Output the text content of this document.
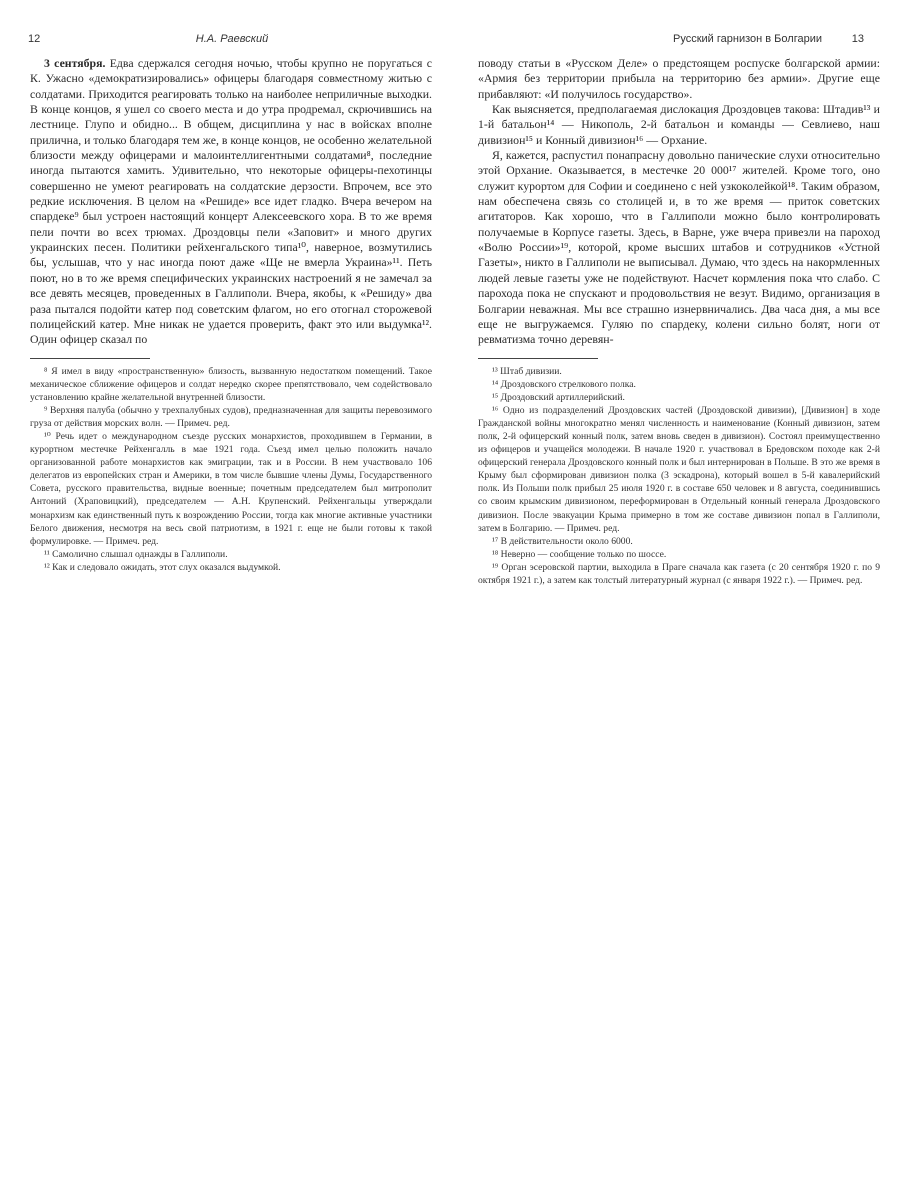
12	Н.А. Раевский

3 сентября. Едва сдержался сегодня ночью, чтобы крупно не поругаться с К. Ужасно «демократизировались» офицеры благодаря совместному житью с солдатами. Приходится реагировать только на наиболее неприличные выходки. В конце концов, я ушел со своего места и до утра продремал, скрючившись на лестнице. Глупо и обидно... В общем, дисциплина у нас в войсках вполне прилична, и только благодаря тем же, в конце концов, не особенно желательной близости между офицерами и малоинтеллигентными солдатами⁸, последние иногда пытаются хамить. Удивительно, что некоторые офицеры-пехотинцы совершенно не умеют реагировать на солдатские дерзости. Впрочем, все это редкие исключения. В целом на «Решиде» все идет гладко. Вчера вечером на спардеке⁹ был устроен настоящий концерт Алексеевского хора. В то же время пели почти во всех трюмах. Дроздовцы пели «Заповит» и много других украинских песен. Политики рейхенгальского типа¹⁰, наверное, возмутились бы, услышав, что у нас иногда поют даже «Ще не вмерла Украина»¹¹. Петь поют, но в то же время специфических украинских настроений я не замечал за все девять месяцев, проведенных в Галлиполи. Вчера, якобы, к «Решиду» два раза пытался подойти катер под советским флагом, но его отогнал сторожевой полицейский катер. Мне никак не удается проверить, факт это или выдумка¹². Один офицер сказал по

⁸ Я имел в виду «пространственную» близость, вызванную недостатком помещений. Такое механическое сближение офицеров и солдат нередко скорее препятствовало, чем содействовало установлению крайне желательной внутренней близости.

⁹ Верхняя палуба (обычно у трехпалубных судов), предназначенная для защиты перевозимого груза от действия морских волн. — Примеч. ред.

¹⁰ Речь идет о международном съезде русских монархистов, проходившем в Германии, в курортном местечке Рейхенгалль в мае 1921 года. Съезд имел целью положить начало организованной работе монархистов как эмиграции, так и в России. В нем участвовало 106 делегатов из европейских стран и Америки, в том числе бывшие члены Думы, Государственного Совета, русского правительства, видные военные; почетным председателем был митрополит Антоний (Храповицкий), председателем — А.Н. Крупенский. Рейхенгальцы утверждали монархизм как единственный путь к возрождению России, тогда как многие активные участники Белого движения, несмотря на весь свой патриотизм, в 1921 г. еще не были готовы к такой формулировке. — Примеч. ред.

¹¹ Самолично слышал однажды в Галлиполи.

¹² Как и следовало ожидать, этот слух оказался выдумкой.

Русский гарнизон в Болгарии	13

поводу статьи в «Русском Деле» о предстоящем роспуске болгарской армии: «Армия без территории прибыла на территорию без армии». Другие еще прибавляют: «И получилось государство».

Как выясняется, предполагаемая дислокация Дроздовцев такова: Штадив¹³ и 1-й батальон¹⁴ — Никополь, 2-й батальон и команды — Севлиево, наш дивизион¹⁵ и Конный дивизион¹⁶ — Орхание.

Я, кажется, распустил понапрасну довольно панические слухи относительно этой Орхание. Оказывается, в местечке 20 000¹⁷ жителей. Кроме того, оно служит курортом для Софии и соединено с ней узкоколейкой¹⁸. Таким образом, нам обеспечена связь со столицей и, в то же время — приток советских агитаторов. Как хорошо, что в Галлиполи можно было контролировать получаемые в Корпусе газеты. Здесь, в Варне, уже вчера привезли на пароход «Волю России»¹⁹, которой, кроме высших штабов и сотрудников «Устной Газеты», никто в Галлиполи не выписывал. Думаю, что здесь на накормленных людей левые газеты уже не подействуют. Насчет кормления пока что слабо. С парохода пока не спускают и продовольствия не везут. Видимо, организация в Болгарии неважная. Мы все страшно изнервничались. Два часа дня, а мы все еще не выгружаемся. Гуляю по спардеку, колени сильно болят, ноги от ревматизма точно деревян-

¹³ Штаб дивизии.

¹⁴ Дроздовского стрелкового полка.

¹⁵ Дроздовский артиллерийский.

¹⁶ Одно из подразделений Дроздовских частей (Дроздовской дивизии), [Дивизион] в ходе Гражданской войны многократно менял численность и наименование (Конный дивизион, затем полк, 2-й офицерский конный полк, затем вновь сведен в дивизион). Состоял преимущественно из офицеров и учащейся молодежи. В начале 1920 г. участвовал в Бредовском походе как 2-й офицерский генерала Дроздовского конный полк и был интернирован в Польше. В это же время в Крыму был сформирован дивизион полка (3 эскадрона), который вошел в 5-й кавалерийский полк. Из Польши полк прибыл 25 июля 1920 г. в составе 650 человек и 8 августа, соединившись со своим крымским дивизионом, переформирован в Отдельный конный генерала Дроздовского дивизион. После эвакуации Крыма примерно в том же составе дивизион попал в Галлиполи, затем в Болгарию. — Примеч. ред.

¹⁷ В действительности около 6000.

¹⁸ Неверно — сообщение только по шоссе.

¹⁹ Орган эсеровской партии, выходила в Праге сначала как газета (с 20 сентября 1920 г. по 9 октября 1921 г.), а затем как толстый литературный журнал (с января 1922 г.). — Примеч. ред.
